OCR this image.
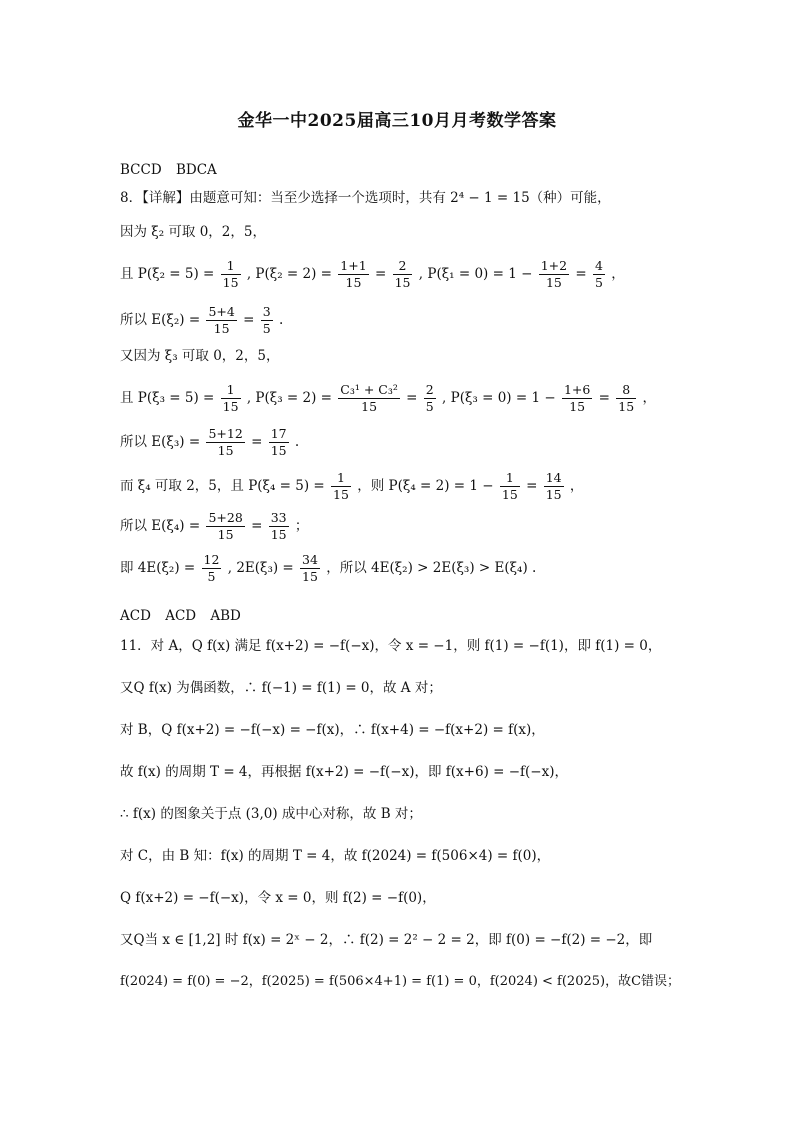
金华一中2025届高三10月月考数学答案
BCCD BDCA
8．【详解】由题意可知：当至少选择一个选项时，共有 2⁴ − 1 = 15（种）可能，
因为 ξ₂ 可取 0，2，5，
且 $P(\xi_2 = 5) = \frac{1}{15}$ , $P(\xi_2 = 2) = \frac{1+1}{15} = \frac{2}{15}$ , $P(\xi_1 = 0) = 1 - \frac{1+2}{15} = \frac{4}{5}$ ，
所以 $E(\xi_2) = \frac{5+4}{15} = \frac{3}{5}$ .
又因为 ξ₃ 可取 0，2，5，
且 $P(\xi_3 = 5) = \frac{1}{15}$ , $P(\xi_3 = 2) = \frac{\text{C₃¹ + C₃²}}{15} = \frac{2}{5}$ , $P(\xi_3 = 0) = 1 - \frac{1+6}{15} = \frac{8}{15}$ ，
所以 $E(\xi_3) = \frac{5+12}{15} = \frac{17}{15}$ .
而 ξ₄ 可取 2，5，且 $P(\xi_4 = 5) = \frac{1}{15}$ ，则 $P(\xi_4 = 2) = 1 - \frac{1}{15} = \frac{14}{15}$ ，
所以 $E(\xi_4) = \frac{5+28}{15} = \frac{33}{15}$ ；
即 $4E(\xi_2) = \frac{12}{5}$ , $2E(\xi_3) = \frac{34}{15}$ ，所以 4E(ξ₂) > 2E(ξ₃) > E(ξ₄) .
ACD ACD ABD
11．对 A，Q f(x) 满足 f(x+2) = −f(−x)，令 x = −1，则 f(1) = −f(1)，即 f(1) = 0，
又Q f(x) 为偶函数，∴ f(−1) = f(1) = 0，故 A 对；
对 B，Q f(x+2) = −f(−x) = −f(x)，∴ f(x+4) = −f(x+2) = f(x)，
故 f(x) 的周期 T = 4，再根据 f(x+2) = −f(−x)，即 f(x+6) = −f(−x)，
∴ f(x) 的图象关于点 (3,0) 成中心对称，故 B 对；
对 C，由 B 知：f(x) 的周期 T = 4，故 f(2024) = f(506×4) = f(0)，
Q f(x+2) = −f(−x)，令 x = 0，则 f(2) = −f(0)，
又Q当 x ∈ [1,2] 时 f(x) = 2ˣ − 2，∴ f(2) = 2² − 2 = 2，即 f(0) = −f(2) = −2，即
f(2024) = f(0) = −2，f(2025) = f(506×4+1) = f(1) = 0，f(2024) < f(2025)，故C错误；
